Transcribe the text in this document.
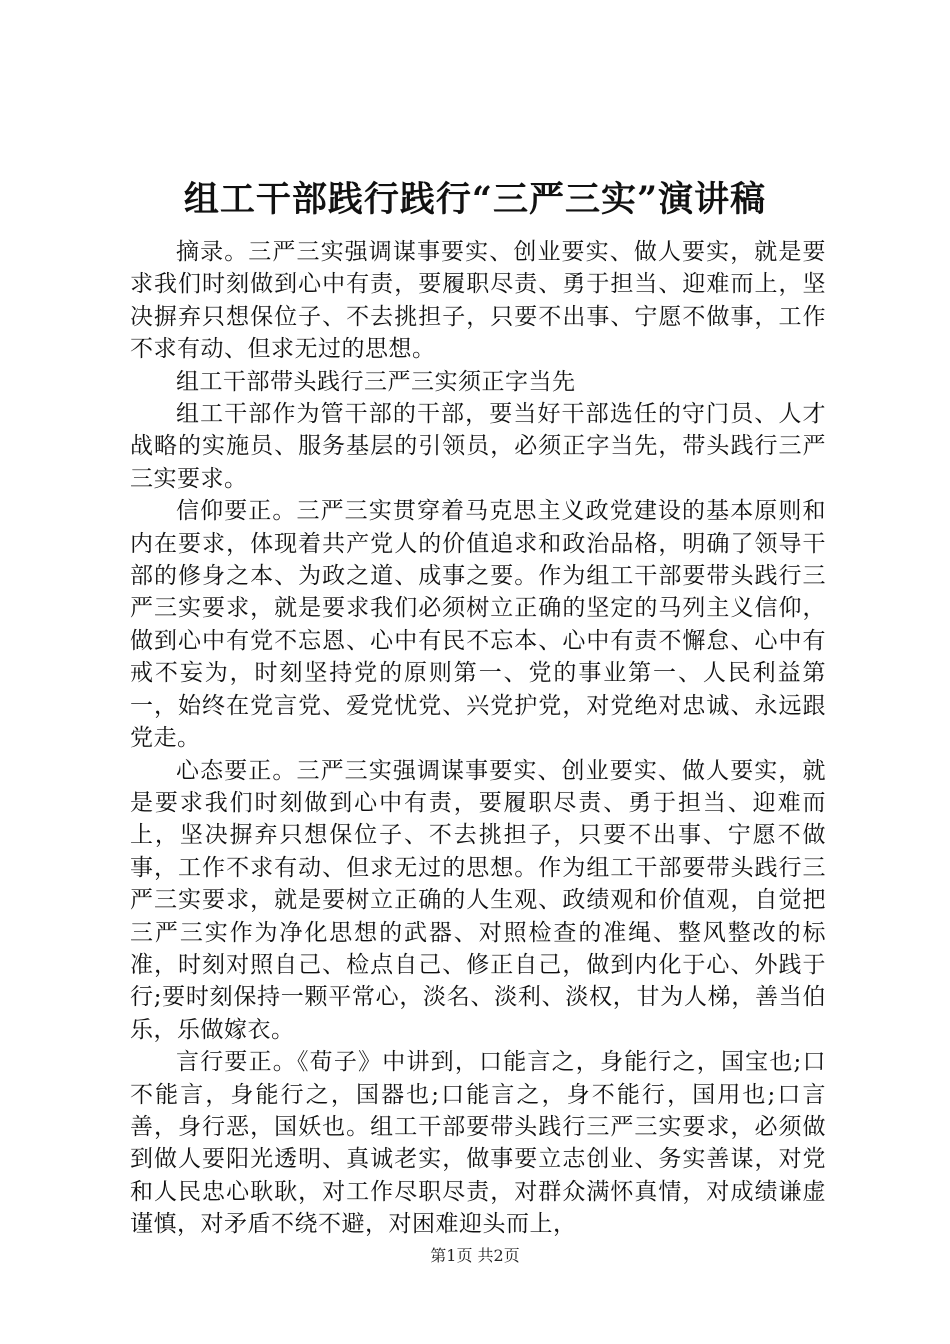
组工干部践行践行“三严三实”演讲稿

摘录。三严三实强调谋事要实、创业要实、做人要实，就是要求我们时刻做到心中有责，要履职尽责、勇于担当、迎难而上，坚决摒弃只想保位子、不去挑担子，只要不出事、宁愿不做事，工作不求有动、但求无过的思想。

组工干部带头践行三严三实须正字当先

组工干部作为管干部的干部，要当好干部选任的守门员、人才战略的实施员、服务基层的引领员，必须正字当先，带头践行三严三实要求。

信仰要正。三严三实贯穿着马克思主义政党建设的基本原则和内在要求，体现着共产党人的价值追求和政治品格，明确了领导干部的修身之本、为政之道、成事之要。作为组工干部要带头践行三严三实要求，就是要求我们必须树立正确的坚定的马列主义信仰，做到心中有党不忘恩、心中有民不忘本、心中有责不懈怠、心中有戒不妄为，时刻坚持党的原则第一、党的事业第一、人民利益第一，始终在党言党、爱党忧党、兴党护党，对党绝对忠诚、永远跟党走。

心态要正。三严三实强调谋事要实、创业要实、做人要实，就是要求我们时刻做到心中有责，要履职尽责、勇于担当、迎难而上，坚决摒弃只想保位子、不去挑担子，只要不出事、宁愿不做事，工作不求有动、但求无过的思想。作为组工干部要带头践行三严三实要求，就是要树立正确的人生观、政绩观和价值观，自觉把三严三实作为净化思想的武器、对照检查的准绳、整风整改的标准，时刻对照自己、检点自己、修正自己，做到内化于心、外践于行;要时刻保持一颗平常心，淡名、淡利、淡权，甘为人梯，善当伯乐，乐做嫁衣。

言行要正。《荀子》中讲到，口能言之，身能行之，国宝也;口不能言，身能行之，国器也;口能言之，身不能行，国用也;口言善，身行恶，国妖也。组工干部要带头践行三严三实要求，必须做到做人要阳光透明、真诚老实，做事要立志创业、务实善谋，对党和人民忠心耿耿，对工作尽职尽责，对群众满怀真情，对成绩谦虚谨慎，对矛盾不绕不避，对困难迎头而上，

第1页 共2页
